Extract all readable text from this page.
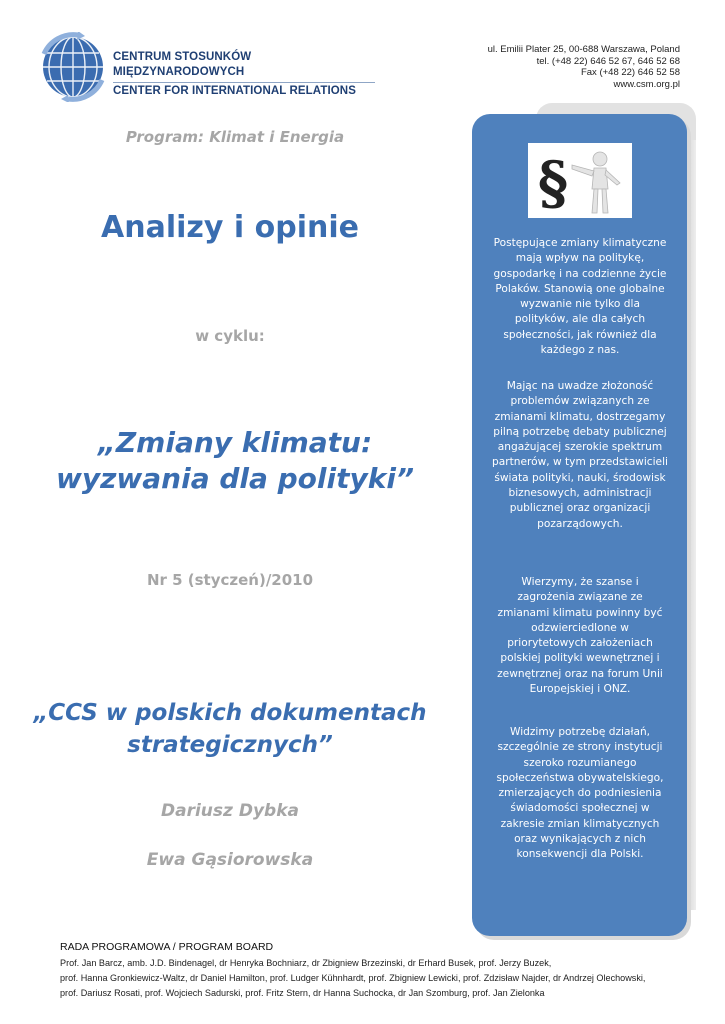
CENTRUM STOSUNKÓW MIĘDZYNARODOWYCH
CENTER FOR INTERNATIONAL RELATIONS
ul. Emilii Plater 25, 00-688 Warszawa, Poland
tel. (+48 22) 646 52 67, 646 52 68
Fax (+48 22) 646 52 58
www.csm.org.pl
Program: Klimat i Energia
Analizy i opinie
w cyklu:
„Zmiany klimatu:
wyzwania dla polityki”
Nr 5 (styczeń)/2010
„CCS w polskich dokumentach
strategicznych”
Dariusz Dybka
Ewa Gąsiorowska
§
Postępujące zmiany klimatyczne mają wpływ na politykę, gospodarkę i na codzienne życie Polaków. Stanowią one globalne wyzwanie nie tylko dla polityków, ale dla całych społeczności, jak również dla każdego z nas.
Mając na uwadze złożoność problemów związanych ze zmianami klimatu, dostrzegamy pilną potrzebę debaty publicznej angażującej szerokie spektrum partnerów, w tym przedstawicieli świata polityki, nauki, środowisk biznesowych, administracji publicznej oraz organizacji pozarządowych.
Wierzymy, że szanse i zagrożenia związane ze zmianami klimatu powinny być odzwierciedlone w priorytetowych założeniach polskiej polityki wewnętrznej i zewnętrznej oraz na forum Unii Europejskiej i ONZ.
Widzimy potrzebę działań, szczególnie ze strony instytucji szeroko rozumianego społeczeństwa obywatelskiego, zmierzających do podniesienia świadomości społecznej w zakresie zmian klimatycznych oraz wynikających z nich konsekwencji dla Polski.
RADA PROGRAMOWA / PROGRAM BOARD
Prof. Jan Barcz, amb. J.D. Bindenagel, dr Henryka Bochniarz, dr Zbigniew Brzezinski, dr Erhard Busek, prof. Jerzy Buzek,
prof. Hanna Gronkiewicz-Waltz, dr Daniel Hamilton, prof. Ludger Kühnhardt, prof. Zbigniew Lewicki, prof. Zdzisław Najder, dr Andrzej Olechowski,
prof. Dariusz Rosati, prof. Wojciech Sadurski, prof. Fritz Stern, dr Hanna Suchocka, dr Jan Szomburg, prof. Jan Zielonka
